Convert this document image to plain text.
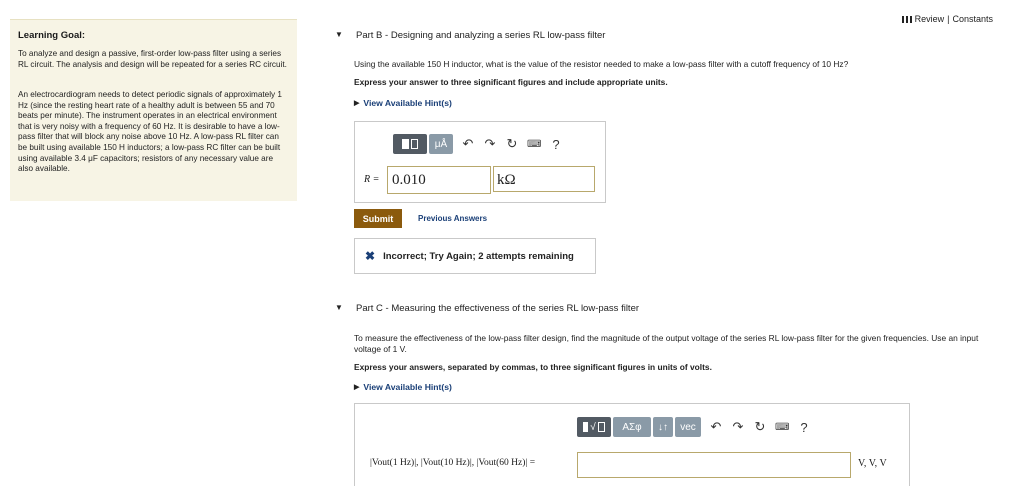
Learning Goal:
To analyze and design a passive, first-order low-pass filter using a series RL circuit. The analysis and design will be repeated for a series RC circuit.
An electrocardiogram needs to detect periodic signals of approximately 1 Hz (since the resting heart rate of a healthy adult is between 55 and 70 beats per minute). The instrument operates in an electrical environment that is very noisy with a frequency of 60 Hz. It is desirable to have a low-pass filter that will block any noise above 10 Hz. A low-pass RL filter can be built using available 150 H inductors; a low-pass RC filter can be built using available 3.4 μF capacitors; resistors of any necessary value are also available.
Review | Constants
▼ Part B - Designing and analyzing a series RL low-pass filter
Using the available 150 H inductor, what is the value of the resistor needed to make a low-pass filter with a cutoff frequency of 10 Hz?
Express your answer to three significant figures and include appropriate units.
▶ View Available Hint(s)
μÅ	↶ ↷ ↻ ⌨ ?
R =
0.010	kΩ
Submit	Previous Answers
✖ Incorrect; Try Again; 2 attempts remaining
▼ Part C - Measuring the effectiveness of the series RL low-pass filter
To measure the effectiveness of the low-pass filter design, find the magnitude of the output voltage of the series RL low-pass filter for the given frequencies. Use an input voltage of 1 V.
Express your answers, separated by commas, to three significant figures in units of volts.
▶ View Available Hint(s)
√	ΑΣφ	↓↑	vec	↶ ↷ ↻ ⌨ ?
|Vout(1 Hz)|, |Vout(10 Hz)|, |Vout(60 Hz)| =	V, V, V
